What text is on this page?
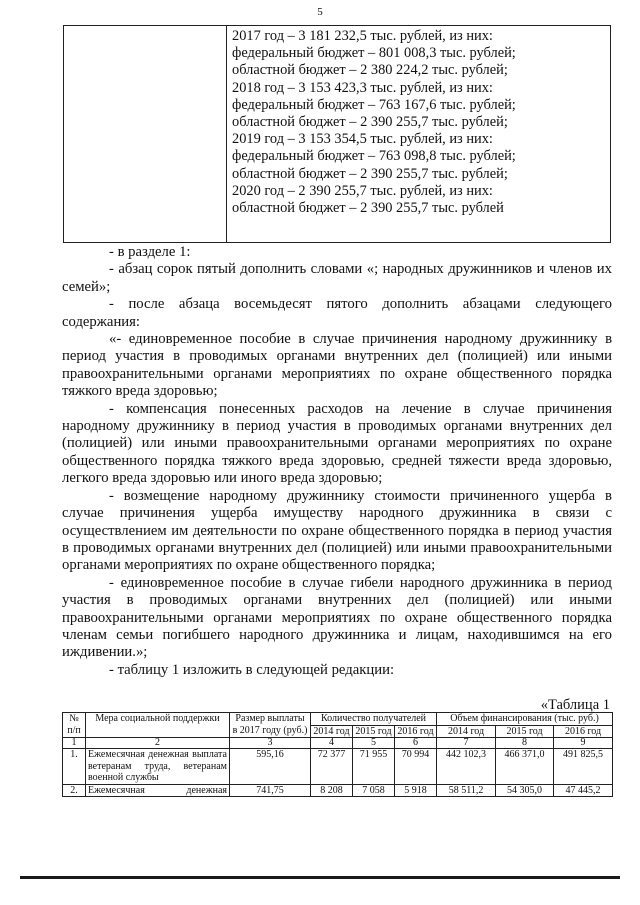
5
2017 год – 3 181 232,5 тыс. рублей, из них:
федеральный бюджет – 801 008,3 тыс. рублей;
областной бюджет – 2 380 224,2 тыс. рублей;
2018 год – 3 153 423,3 тыс. рублей, из них:
федеральный бюджет – 763 167,6 тыс. рублей;
областной бюджет – 2 390 255,7 тыс. рублей;
2019 год – 3 153 354,5 тыс. рублей, из них:
федеральный бюджет – 763 098,8 тыс. рублей;
областной бюджет – 2 390 255,7 тыс. рублей;
2020 год – 2 390 255,7 тыс. рублей, из них:
областной бюджет – 2 390 255,7 тыс. рублей

- в разделе 1:

- абзац сорок пятый дополнить словами «; народных дружинников и членов их семей»;

- после абзаца восемьдесят пятого дополнить абзацами следующего содержания:

«- единовременное пособие в случае причинения народному дружиннику в период участия в проводимых органами внутренних дел (полицией) или иными правоохранительными органами мероприятиях по охране общественного порядка тяжкого вреда здоровью;

- компенсация понесенных расходов на лечение в случае причинения народному дружиннику в период участия в проводимых органами внутренних дел (полицией) или иными правоохранительными органами мероприятиях по охране общественного порядка тяжкого вреда здоровью, средней тяжести вреда здоровью, легкого вреда здоровью или иного вреда здоровью;

- возмещение народному дружиннику стоимости причиненного ущерба в случае причинения ущерба имуществу народного дружинника в связи с осуществлением им деятельности по охране общественного порядка в период участия в проводимых органами внутренних дел (полицией) или иными правоохранительными органами мероприятиях по охране общественного порядка;

- единовременное пособие в случае гибели народного дружинника в период участия в проводимых органами внутренних дел (полицией) или иными правоохранительными органами мероприятиях по охране общественного порядка членам семьи погибшего народного дружинника и лицам, находившимся на его иждивении.»;

- таблицу 1 изложить в следующей редакции:

«Таблица 1
№ п/п	Мера социальной поддержки	Размер выплаты в 2017 году (руб.)	Количество получателей			Объем финансирования (тыс. руб.)		
			2014 год	2015 год	2016 год	2014 год	2015 год	2016 год
1	2	3	4	5	6	7	8	9
1.	Ежемесячная денежная выплата ветеранам труда, ветеранам военной службы	595,16	72 377	71 955	70 994	442 102,3	466 371,0	491 825,5
2.	Ежемесячная денежная	741,75	8 208	7 058	5 918	58 511,2	54 305,0	47 445,2
